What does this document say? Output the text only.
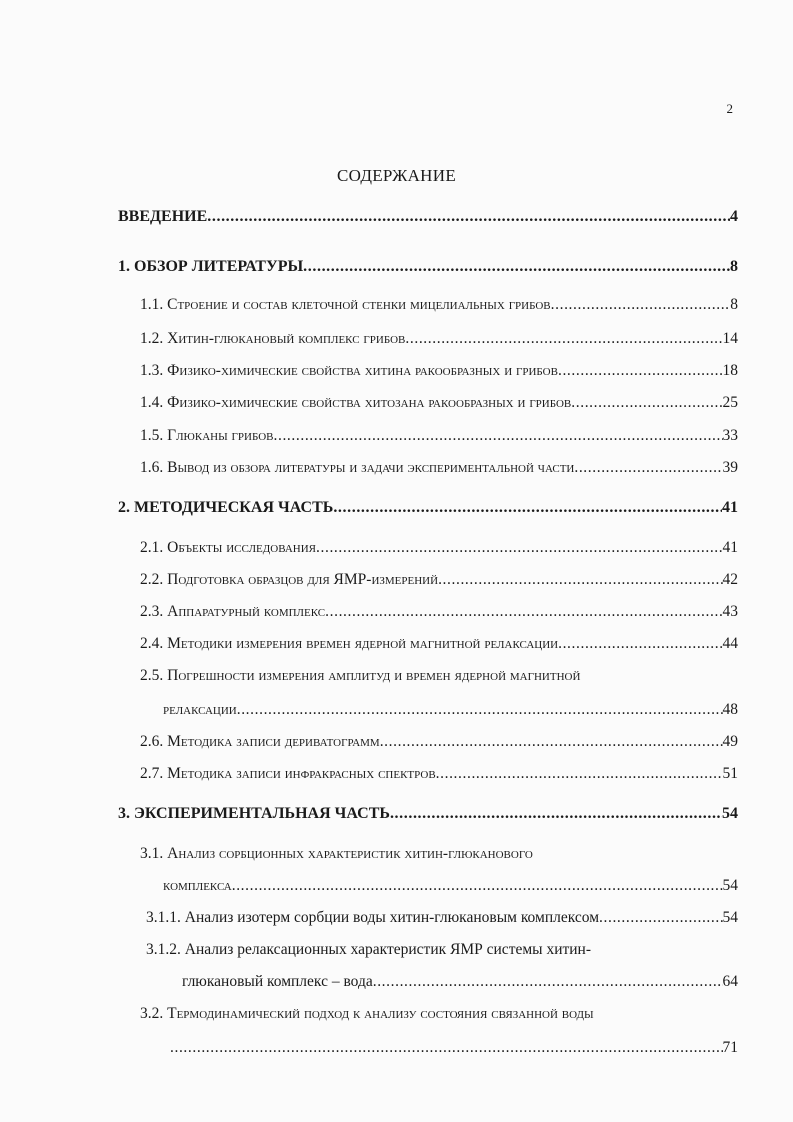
2
СОДЕРЖАНИЕ
ВВЕДЕНИЕ .....	4
1. ОБЗОР ЛИТЕРАТУРЫ .....	8
1.1. Строение и состав клеточной стенки мицелиальных грибов .....	8
1.2. Хитин-глюкановый комплекс грибов .....	14
1.3. Физико-химические свойства хитина ракообразных и грибов .....	18
1.4. Физико-химические свойства хитозана ракообразных и грибов .....	25
1.5. Глюканы грибов .....	33
1.6. Вывод из обзора литературы и задачи экспериментальной части .....	39
2. МЕТОДИЧЕСКАЯ ЧАСТЬ .....	41
2.1. Объекты исследования .....	41
2.2. Подготовка образцов для ЯМР-измерений .....	42
2.3. Аппаратурный комплекс .....	43
2.4. Методики измерения времен ядерной магнитной релаксации .....	44
2.5. Погрешности измерения амплитуд и времен ядерной магнитной
релаксации .....	48
2.6. Методика записи дериватограмм .....	49
2.7. Методика записи инфракрасных спектров .....	51
3. ЭКСПЕРИМЕНТАЛЬНАЯ ЧАСТЬ .....	54
3.1. Анализ сорбционных характеристик хитин-глюканового
комплекса .....	54
3.1.1. Анализ изотерм сорбции воды хитин-глюкановым комплексом .....	54
3.1.2. Анализ релаксационных характеристик ЯМР системы хитин-
глюкановый комплекс – вода .....	64
3.2. Термодинамический подход к анализу состояния связанной воды
.....
71
